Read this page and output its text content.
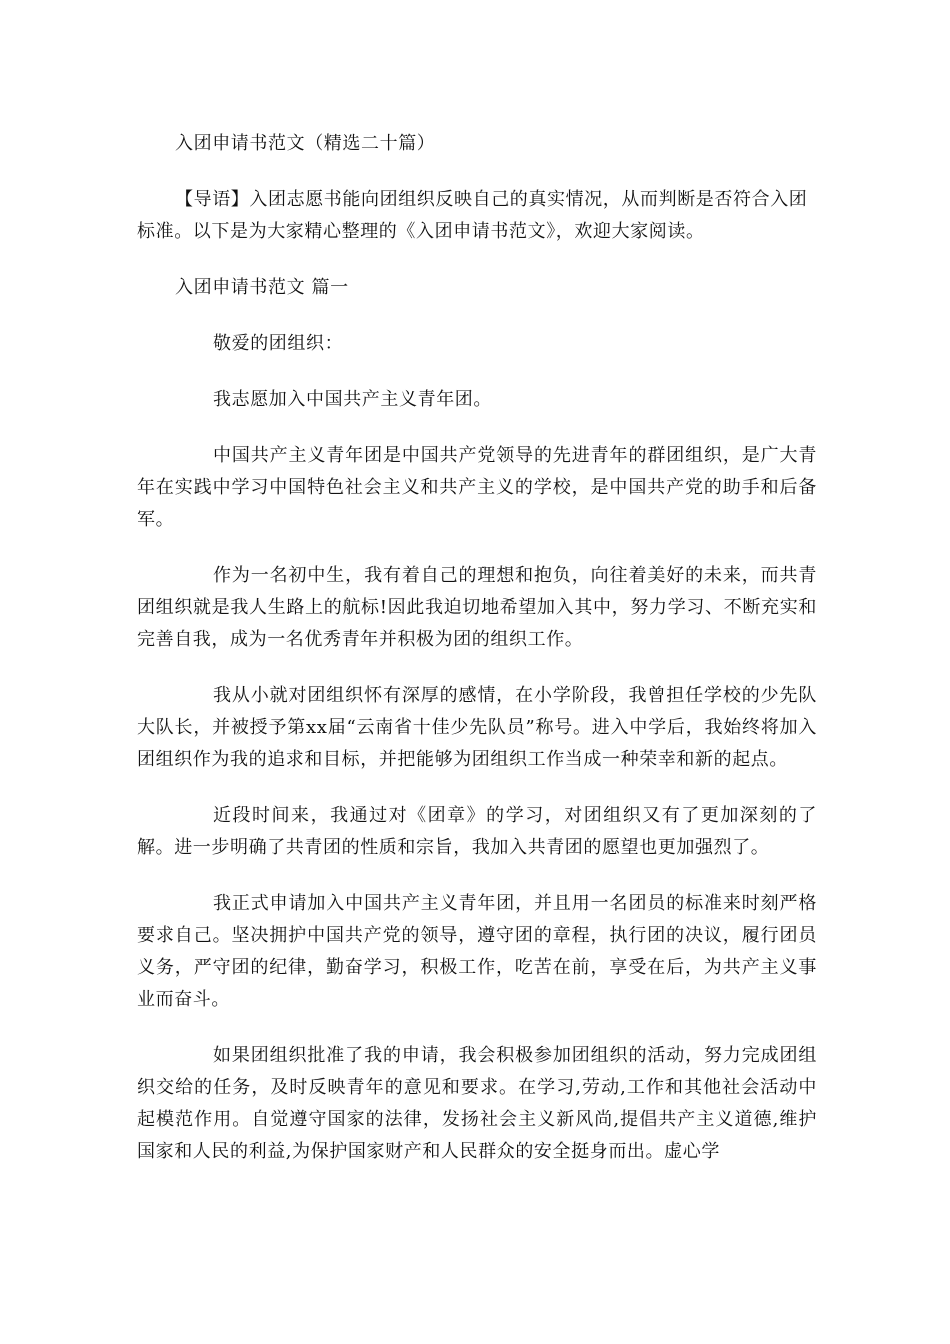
入团申请书范文（精选二十篇）

【导语】入团志愿书能向团组织反映自己的真实情况，从而判断是否符合入团标准。以下是为大家精心整理的《入团申请书范文》，欢迎大家阅读。

入团申请书范文 篇一

敬爱的团组织：

我志愿加入中国共产主义青年团。

中国共产主义青年团是中国共产党领导的先进青年的群团组织，是广大青年在实践中学习中国特色社会主义和共产主义的学校，是中国共产党的助手和后备军。

作为一名初中生，我有着自己的理想和抱负，向往着美好的未来，而共青团组织就是我人生路上的航标!因此我迫切地希望加入其中，努力学习、不断充实和完善自我，成为一名优秀青年并积极为团的组织工作。

我从小就对团组织怀有深厚的感情，在小学阶段，我曾担任学校的少先队大队长，并被授予第xx届“云南省十佳少先队员”称号。进入中学后，我始终将加入团组织作为我的追求和目标，并把能够为团组织工作当成一种荣幸和新的起点。

近段时间来，我通过对《团章》的学习，对团组织又有了更加深刻的了解。进一步明确了共青团的性质和宗旨，我加入共青团的愿望也更加强烈了。

我正式申请加入中国共产主义青年团，并且用一名团员的标准来时刻严格要求自己。坚决拥护中国共产党的领导，遵守团的章程，执行团的决议，履行团员义务，严守团的纪律，勤奋学习，积极工作，吃苦在前，享受在后，为共产主义事业而奋斗。

如果团组织批准了我的申请，我会积极参加团组织的活动，努力完成团组织交给的任务，及时反映青年的意见和要求。在学习,劳动,工作和其他社会活动中起模范作用。自觉遵守国家的法律，发扬社会主义新风尚,提倡共产主义道德,维护国家和人民的利益,为保护国家财产和人民群众的安全挺身而出。虚心学
